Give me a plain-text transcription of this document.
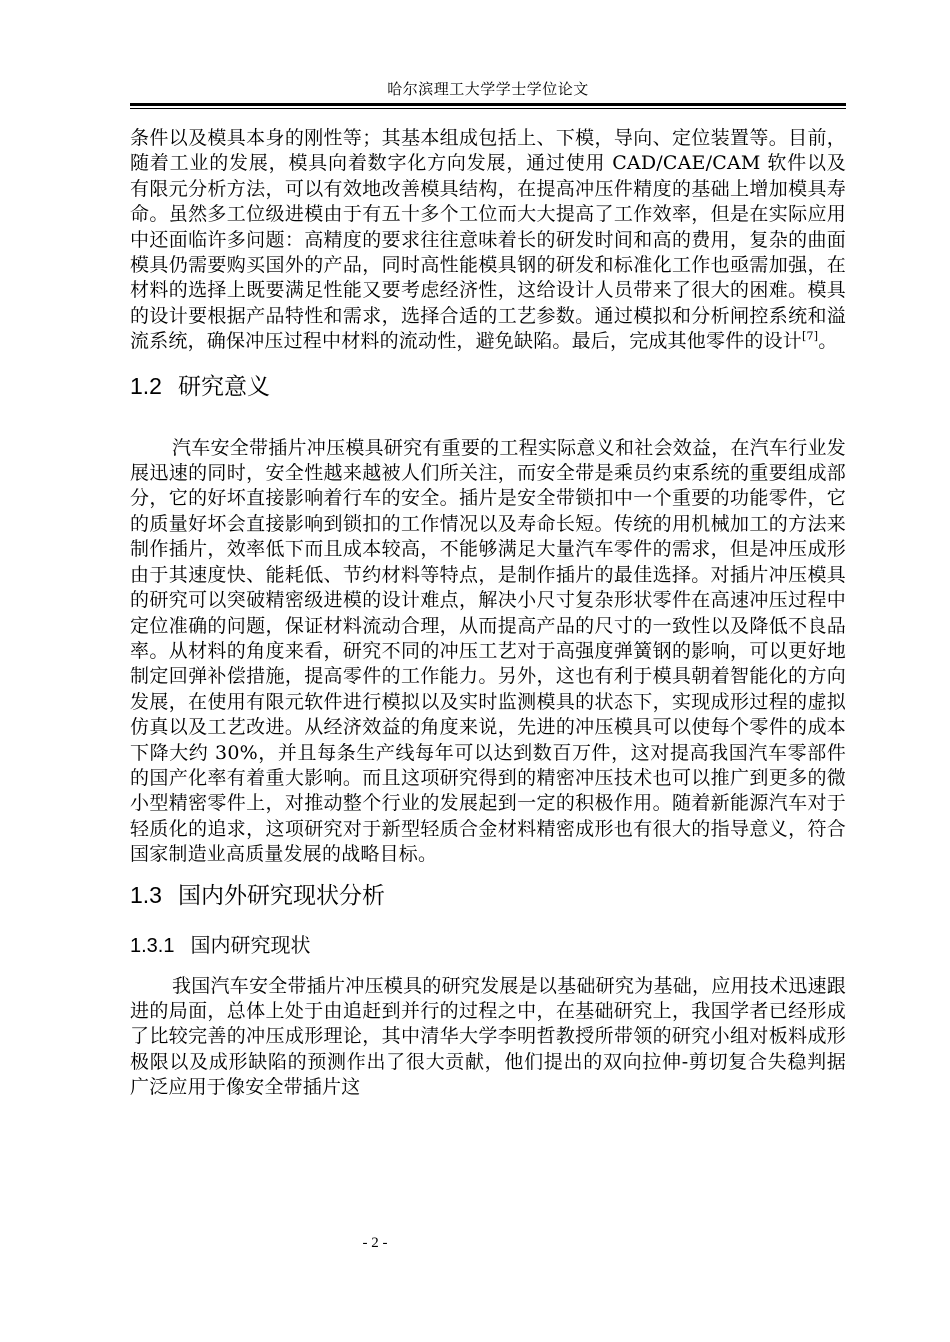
哈尔滨理工大学学士学位论文

条件以及模具本身的刚性等；其基本组成包括上、下模，导向、定位装置等。目前，随着工业的发展，模具向着数字化方向发展，通过使用 CAD/CAE/CAM 软件以及有限元分析方法，可以有效地改善模具结构，在提高冲压件精度的基础上增加模具寿命。虽然多工位级进模由于有五十多个工位而大大提高了工作效率，但是在实际应用中还面临许多问题：高精度的要求往往意味着长的研发时间和高的费用，复杂的曲面模具仍需要购买国外的产品，同时高性能模具钢的研发和标准化工作也亟需加强，在材料的选择上既要满足性能又要考虑经济性，这给设计人员带来了很大的困难。模具的设计要根据产品特性和需求，选择合适的工艺参数。通过模拟和分析闸控系统和溢流系统，确保冲压过程中材料的流动性，避免缺陷。最后，完成其他零件的设计[7]。

1.2 研究意义

汽车安全带插片冲压模具研究有重要的工程实际意义和社会效益，在汽车行业发展迅速的同时，安全性越来越被人们所关注，而安全带是乘员约束系统的重要组成部分，它的好坏直接影响着行车的安全。插片是安全带锁扣中一个重要的功能零件，它的质量好坏会直接影响到锁扣的工作情况以及寿命长短。传统的用机械加工的方法来制作插片，效率低下而且成本较高，不能够满足大量汽车零件的需求，但是冲压成形由于其速度快、能耗低、节约材料等特点，是制作插片的最佳选择。对插片冲压模具的研究可以突破精密级进模的设计难点，解决小尺寸复杂形状零件在高速冲压过程中定位准确的问题，保证材料流动合理，从而提高产品的尺寸的一致性以及降低不良品率。从材料的角度来看，研究不同的冲压工艺对于高强度弹簧钢的影响，可以更好地制定回弹补偿措施，提高零件的工作能力。另外，这也有利于模具朝着智能化的方向发展，在使用有限元软件进行模拟以及实时监测模具的状态下，实现成形过程的虚拟仿真以及工艺改进。从经济效益的角度来说，先进的冲压模具可以使每个零件的成本下降大约 30%，并且每条生产线每年可以达到数百万件，这对提高我国汽车零部件的国产化率有着重大影响。而且这项研究得到的精密冲压技术也可以推广到更多的微小型精密零件上，对推动整个行业的发展起到一定的积极作用。随着新能源汽车对于轻质化的追求，这项研究对于新型轻质合金材料精密成形也有很大的指导意义，符合国家制造业高质量发展的战略目标。

1.3 国内外研究现状分析
1.3.1 国内研究现状

我国汽车安全带插片冲压模具的研究发展是以基础研究为基础，应用技术迅速跟进的局面，总体上处于由追赶到并行的过程之中，在基础研究上，我国学者已经形成了比较完善的冲压成形理论，其中清华大学李明哲教授所带领的研究小组对板料成形极限以及成形缺陷的预测作出了很大贡献，他们提出的双向拉伸-剪切复合失稳判据广泛应用于像安全带插片这

- 2 -
